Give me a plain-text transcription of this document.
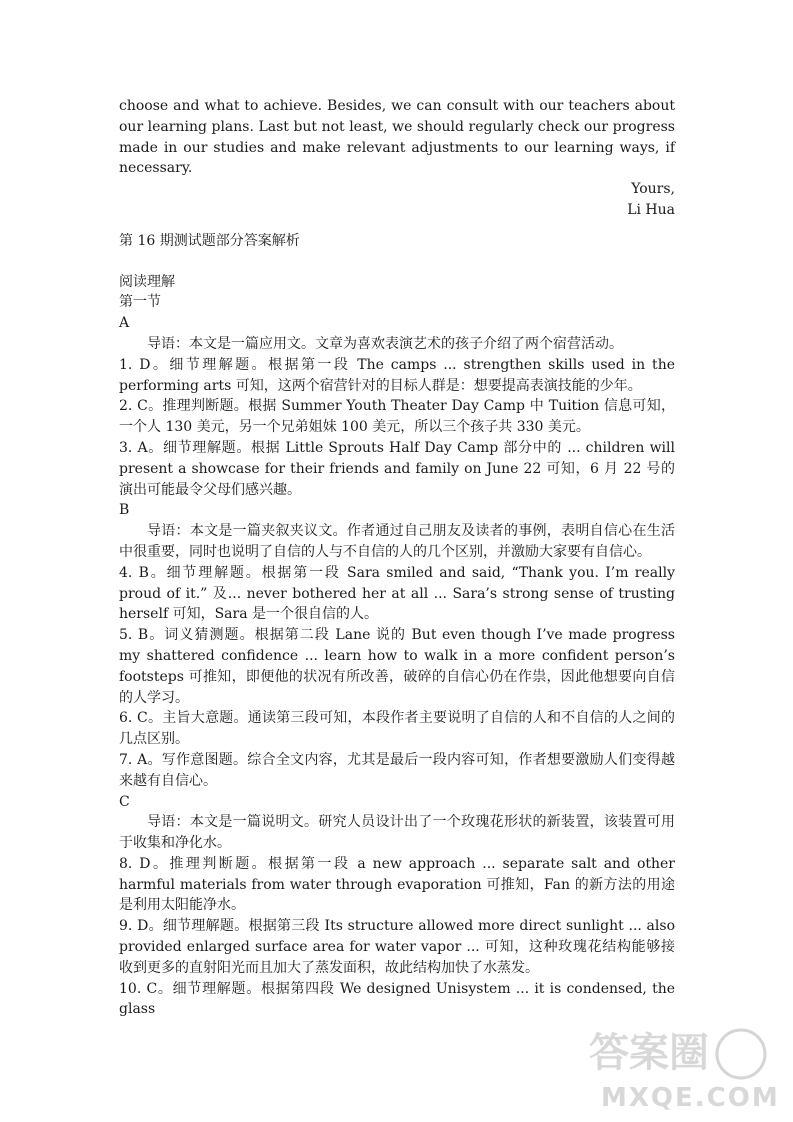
choose and what to achieve. Besides, we can consult with our teachers about our learning plans. Last but not least, we should regularly check our progress made in our studies and make relevant adjustments to our learning ways, if necessary.

Yours,

Li Hua

第 16 期测试题部分答案解析

阅读理解

第一节

A

导语：本文是一篇应用文。文章为喜欢表演艺术的孩子介绍了两个宿营活动。

1. D。细节理解题。根据第一段 The camps ... strengthen skills used in the performing arts 可知，这两个宿营针对的目标人群是：想要提高表演技能的少年。

2. C。推理判断题。根据 Summer Youth Theater Day Camp 中 Tuition 信息可知，一个人 130 美元，另一个兄弟姐妹 100 美元，所以三个孩子共 330 美元。

3. A。细节理解题。根据 Little Sprouts Half Day Camp 部分中的 ... children will present a showcase for their friends and family on June 22 可知，6 月 22 号的演出可能最令父母们感兴趣。

B

导语：本文是一篇夹叙夹议文。作者通过自己朋友及读者的事例，表明自信心在生活中很重要，同时也说明了自信的人与不自信的人的几个区别，并激励大家要有自信心。

4. B。细节理解题。根据第一段 Sara smiled and said, “Thank you. I’m really proud of it.” 及... never bothered her at all ... Sara’s strong sense of trusting herself 可知，Sara 是一个很自信的人。

5. B。词义猜测题。根据第二段 Lane 说的 But even though I’ve made progress my shattered confidence ... learn how to walk in a more confident person’s footsteps 可推知，即便他的状况有所改善，破碎的自信心仍在作祟，因此他想要向自信的人学习。

6. C。主旨大意题。通读第三段可知，本段作者主要说明了自信的人和不自信的人之间的几点区别。

7. A。写作意图题。综合全文内容，尤其是最后一段内容可知，作者想要激励人们变得越来越有自信心。

C

导语：本文是一篇说明文。研究人员设计出了一个玫瑰花形状的新装置，该装置可用于收集和净化水。

8. D。推理判断题。根据第一段 a new approach ... separate salt and other harmful materials from water through evaporation 可推知，Fan 的新方法的用途是利用太阳能净水。

9. D。细节理解题。根据第三段 Its structure allowed more direct sunlight ... also provided enlarged surface area for water vapor ... 可知，这种玫瑰花结构能够接收到更多的直射阳光而且加大了蒸发面积，故此结构加快了水蒸发。

10. C。细节理解题。根据第四段 We designed Unisystem ... it is condensed, the glass

答案圈
MXQE.COM
